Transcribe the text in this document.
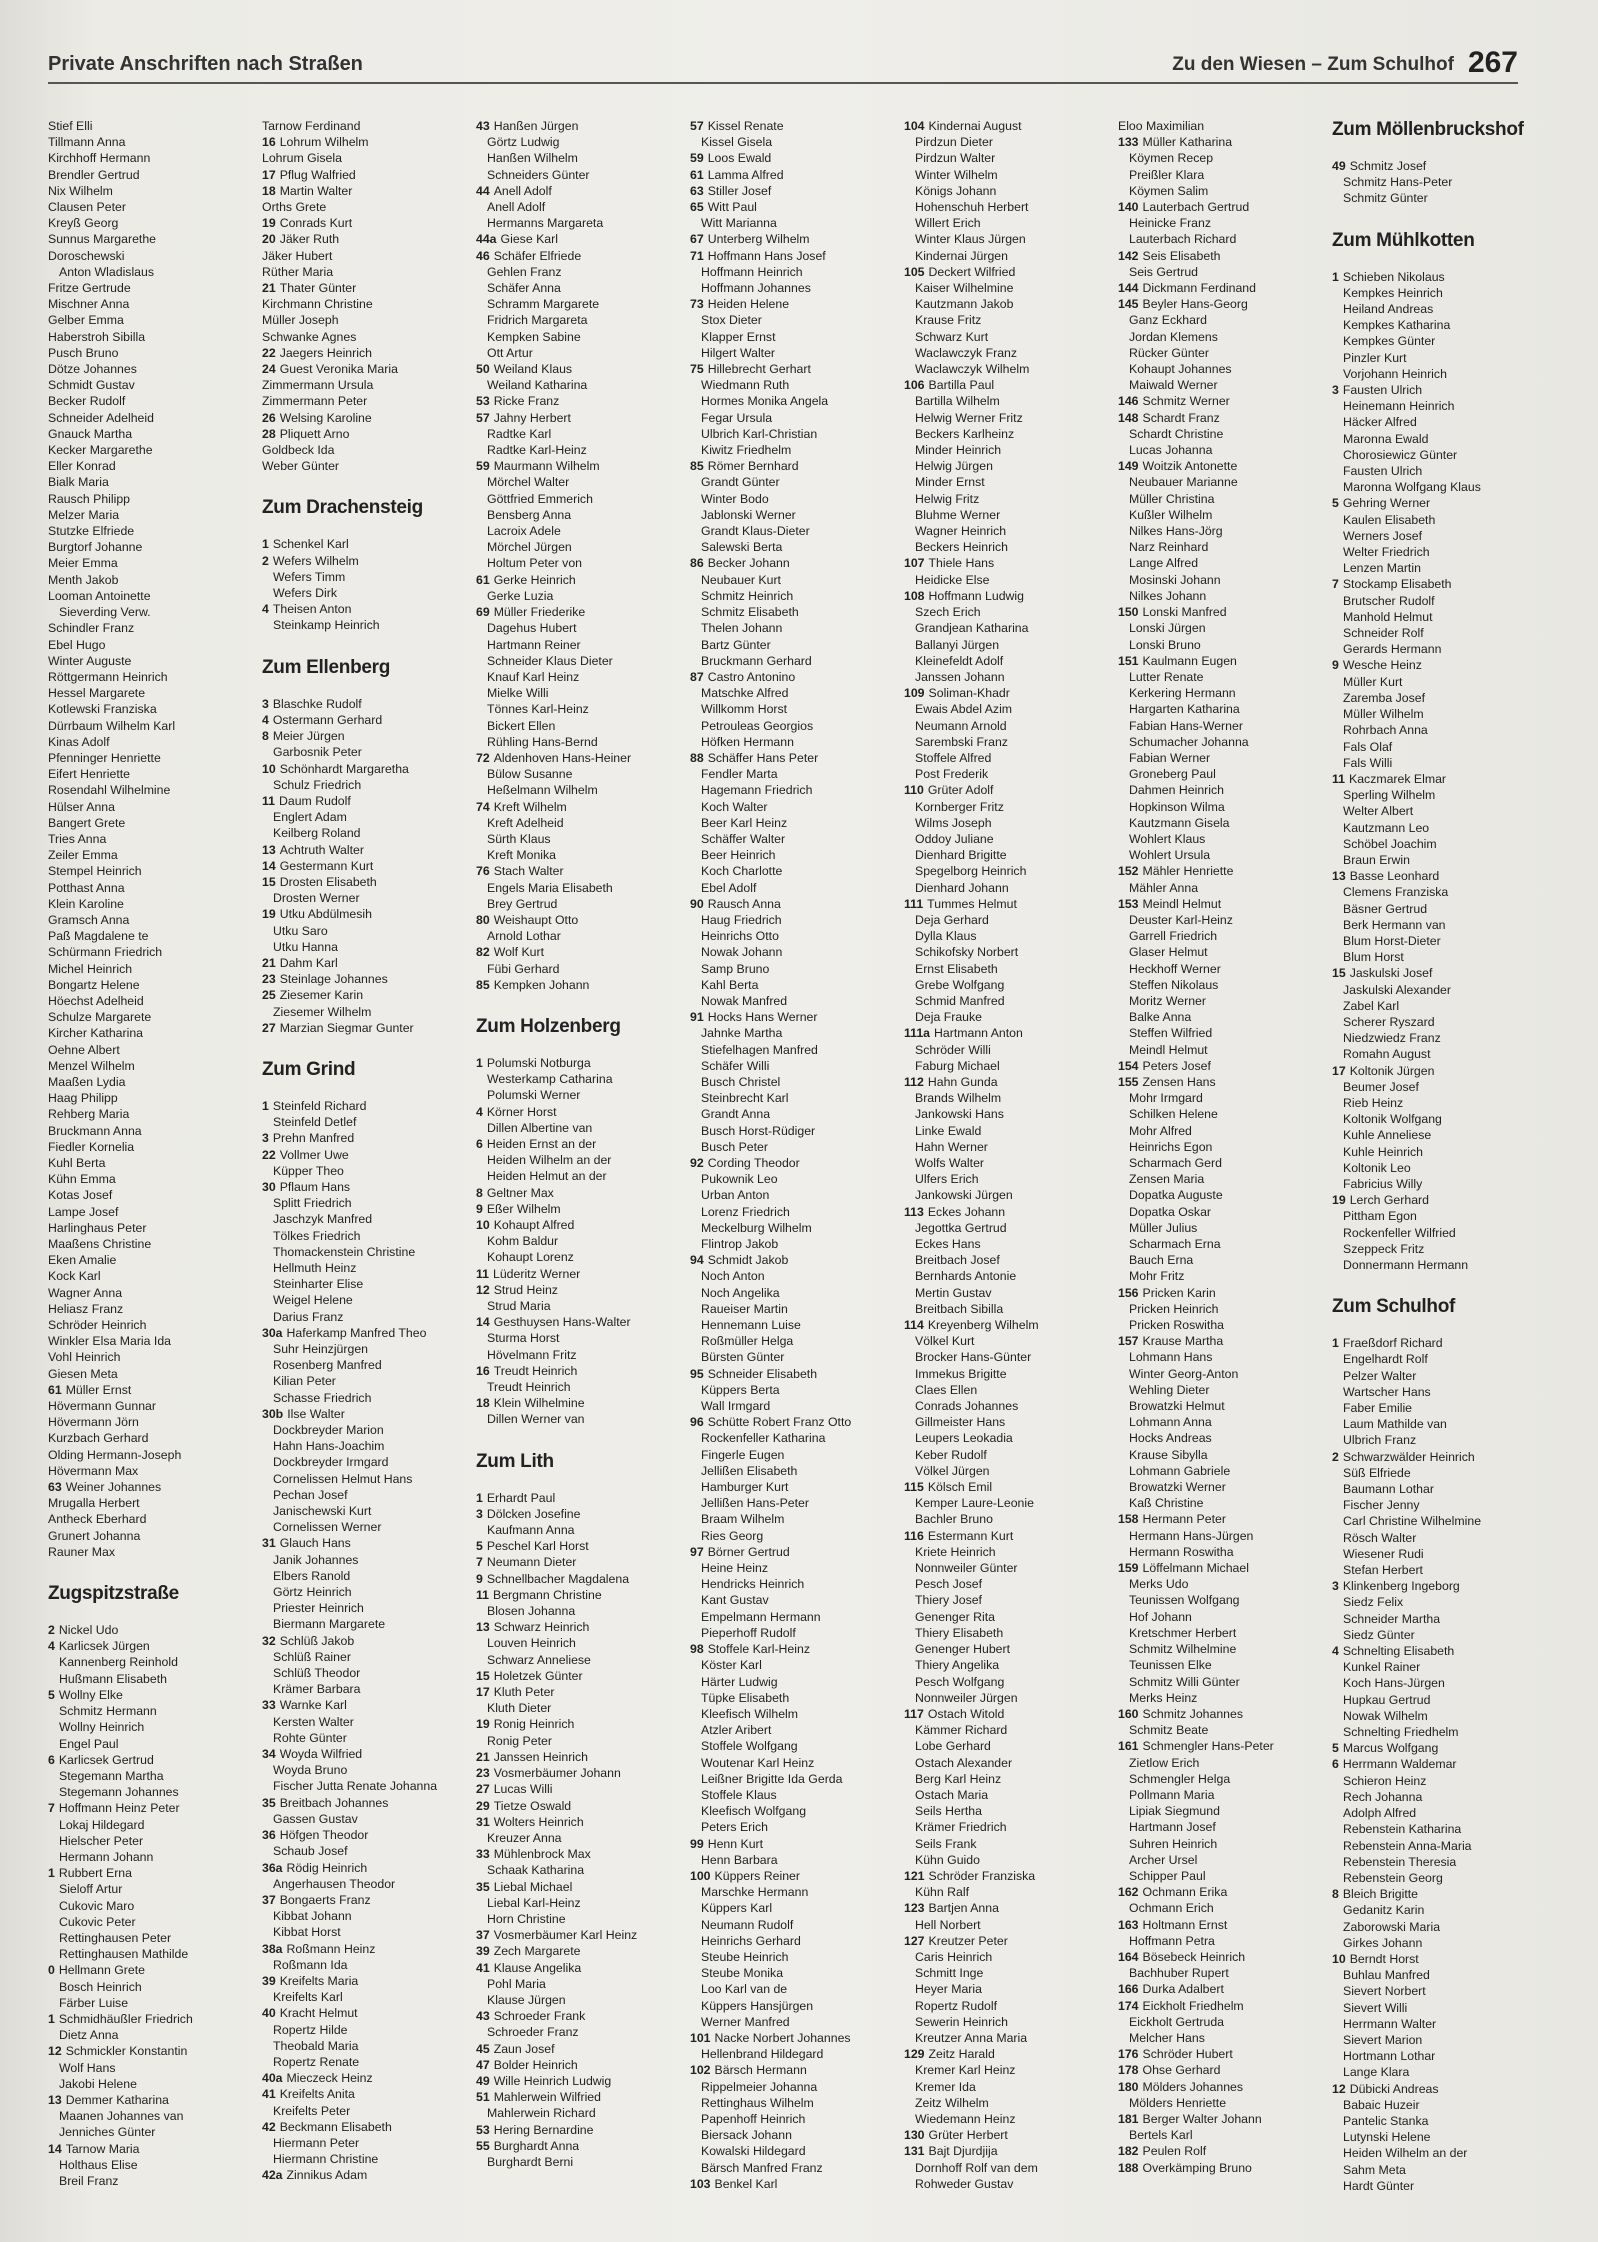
Private Anschriften nach Straßen	Zu den Wiesen – Zum Schulhof 267
Stief Elli
Tillmann Anna
Kirchhoff Hermann
Brendler Gertrud
Nix Wilhelm
Clausen Peter
Kreyß Georg
Sunnus Margarethe
Doroschewski
Anton Wladislaus
Fritze Gertrude
Mischner Anna
Gelber Emma
Haberstroh Sibilla
Pusch Bruno
Dötze Johannes
Schmidt Gustav
Becker Rudolf
Schneider Adelheid
Gnauck Martha
Kecker Margarethe
Eller Konrad
Bialk Maria
Rausch Philipp
Melzer Maria
Stutzke Elfriede
Burgtorf Johanne
Meier Emma
Menth Jakob
Looman Antoinette
Sieverding Verw.
Schindler Franz
Ebel Hugo
Winter Auguste
Röttgermann Heinrich
Hessel Margarete
Kotlewski Franziska
Dürrbaum Wilhelm Karl
Kinas Adolf
Pfenninger Henriette
Eifert Henriette
Rosendahl Wilhelmine
Hülser Anna
Bangert Grete
Tries Anna
Zeiler Emma
Stempel Heinrich
Potthast Anna
Klein Karoline
Gramsch Anna
Paß Magdalene te
Schürmann Friedrich
Michel Heinrich
Bongartz Helene
Höechst Adelheid
Schulze Margarete
Kircher Katharina
Oehne Albert
Menzel Wilhelm
Maaßen Lydia
Haag Philipp
Rehberg Maria
Bruckmann Anna
Fiedler Kornelia
Kuhl Berta
Kühn Emma
Kotas Josef
Lampe Josef
Harlinghaus Peter
Maaßens Christine
Eken Amalie
Kock Karl
Wagner Anna
Heliasz Franz
Schröder Heinrich
Winkler Elsa Maria Ida
Vohl Heinrich
Giesen Meta
61 Müller Ernst
Hövermann Gunnar
Hövermann Jörn
Kurzbach Gerhard
Olding Hermann-Joseph
Hövermann Max
63 Weiner Johannes
Mrugalla Herbert
Antheck Eberhard
Grunert Johanna
Rauner Max
Zugspitzstraße
2 Nickel Udo
4 Karlicsek Jürgen
Kannenberg Reinhold
Hußmann Elisabeth
5 Wollny Elke
Schmitz Hermann
Wollny Heinrich
Engel Paul
6 Karlicsek Gertrud
Stegemann Martha
Stegemann Johannes
7 Hoffmann Heinz Peter
Lokaj Hildegard
Hielscher Peter
Hermann Johann
1 Rubbert Erna
Sieloff Artur
Cukovic Maro
Cukovic Peter
Rettinghausen Peter
Rettinghausen Mathilde
0 Hellmann Grete
Bosch Heinrich
Färber Luise
1 Schmidhäußler Friedrich
Dietz Anna
12 Schmickler Konstantin
Wolf Hans
Jakobi Helene
13 Demmer Katharina
Maanen Johannes van
Jenniches Günter
14 Tarnow Maria
Holthaus Elise
Breil Franz
Tarnow Ferdinand
16 Lohrum Wilhelm
Lohrum Gisela
17 Pflug Walfried
18 Martin Walter
Orths Grete
19 Conrads Kurt
20 Jäker Ruth
Jäker Hubert
Rüther Maria
21 Thater Günter
Kirchmann Christine
Müller Joseph
Schwanke Agnes
22 Jaegers Heinrich
24 Guest Veronika Maria
Zimmermann Ursula
Zimmermann Peter
26 Welsing Karoline
28 Pliquett Arno
Goldbeck Ida
Weber Günter
Zum Drachensteig
1 Schenkel Karl
2 Wefers Wilhelm
Wefers Timm
Wefers Dirk
4 Theisen Anton
Steinkamp Heinrich
Zum Ellenberg
3 Blaschke Rudolf
4 Ostermann Gerhard
8 Meier Jürgen
Garbosnik Peter
10 Schönhardt Margaretha
Schulz Friedrich
11 Daum Rudolf
Englert Adam
Keilberg Roland
13 Achtruth Walter
14 Gestermann Kurt
15 Drosten Elisabeth
Drosten Werner
19 Utku Abdülmesih
Utku Saro
Utku Hanna
21 Dahm Karl
23 Steinlage Johannes
25 Ziesemer Karin
Ziesemer Wilhelm
27 Marzian Siegmar Gunter
Zum Grind
1 Steinfeld Richard
Steinfeld Detlef
3 Prehn Manfred
22 Vollmer Uwe
Küpper Theo
30 Pflaum Hans
Splitt Friedrich
Jaschzyk Manfred
Tölkes Friedrich
Thomackenstein Christine
Hellmuth Heinz
Steinharter Elise
Weigel Helene
Darius Franz
30a Haferkamp Manfred Theo
Suhr Heinzjürgen
Rosenberg Manfred
Kilian Peter
Schasse Friedrich
30b Ilse Walter
Dockbreyder Marion
Hahn Hans-Joachim
Dockbreyder Irmgard
Cornelissen Helmut Hans
Pechan Josef
Janischewski Kurt
Cornelissen Werner
31 Glauch Hans
Janik Johannes
Elbers Ranold
Görtz Heinrich
Priester Heinrich
Biermann Margarete
32 Schlüß Jakob
Schlüß Rainer
Schlüß Theodor
Krämer Barbara
33 Warnke Karl
Kersten Walter
Rohte Günter
34 Woyda Wilfried
Woyda Bruno
Fischer Jutta Renate Johanna
35 Breitbach Johannes
Gassen Gustav
36 Höfgen Theodor
Schaub Josef
36a Rödig Heinrich
Angerhausen Theodor
37 Bongaerts Franz
Kibbat Johann
Kibbat Horst
38a Roßmann Heinz
Roßmann Ida
39 Kreifelts Maria
Kreifelts Karl
40 Kracht Helmut
Ropertz Hilde
Theobald Maria
Ropertz Renate
40a Mieczeck Heinz
41 Kreifelts Anita
Kreifelts Peter
42 Beckmann Elisabeth
Hiermann Peter
Hiermann Christine
42a Zinnikus Adam
43 Hanßen Jürgen
Görtz Ludwig
Hanßen Wilhelm
Schneiders Günter
44 Anell Adolf
Anell Adolf
Hermanns Margareta
44a Giese Karl
46 Schäfer Elfriede
Gehlen Franz
Schäfer Anna
Schramm Margarete
Fridrich Margareta
Kempken Sabine
Ott Artur
50 Weiland Klaus
Weiland Katharina
53 Ricke Franz
57 Jahny Herbert
Radtke Karl
Radtke Karl-Heinz
59 Maurmann Wilhelm
Mörchel Walter
Göttfried Emmerich
Bensberg Anna
Lacroix Adele
Mörchel Jürgen
Holtum Peter von
61 Gerke Heinrich
Gerke Luzia
69 Müller Friederike
Dagehus Hubert
Hartmann Reiner
Schneider Klaus Dieter
Knauf Karl Heinz
Mielke Willi
Tönnes Karl-Heinz
Bickert Ellen
Rühling Hans-Bernd
72 Aldenhoven Hans-Heiner
Bülow Susanne
Heßelmann Wilhelm
74 Kreft Wilhelm
Kreft Adelheid
Sürth Klaus
Kreft Monika
76 Stach Walter
Engels Maria Elisabeth
Brey Gertrud
80 Weishaupt Otto
Arnold Lothar
82 Wolf Kurt
Fübi Gerhard
85 Kempken Johann
Zum Holzenberg
1 Polumski Notburga
Westerkamp Catharina
Polumski Werner
4 Körner Horst
Dillen Albertine van
6 Heiden Ernst an der
Heiden Wilhelm an der
Heiden Helmut an der
8 Geltner Max
9 Eßer Wilhelm
10 Kohaupt Alfred
Kohm Baldur
Kohaupt Lorenz
11 Lüderitz Werner
12 Strud Heinz
Strud Maria
14 Gesthuysen Hans-Walter
Sturma Horst
Hövelmann Fritz
16 Treudt Heinrich
Treudt Heinrich
18 Klein Wilhelmine
Dillen Werner van
Zum Lith
1 Erhardt Paul
3 Dölcken Josefine
Kaufmann Anna
5 Peschel Karl Horst
7 Neumann Dieter
9 Schnellbacher Magdalena
11 Bergmann Christine
Blosen Johanna
13 Schwarz Heinrich
Louven Heinrich
Schwarz Anneliese
15 Holetzek Günter
17 Kluth Peter
Kluth Dieter
19 Ronig Heinrich
Ronig Peter
21 Janssen Heinrich
23 Vosmerbäumer Johann
27 Lucas Willi
29 Tietze Oswald
31 Wolters Heinrich
Kreuzer Anna
33 Mühlenbrock Max
Schaak Katharina
35 Liebal Michael
Liebal Karl-Heinz
Horn Christine
37 Vosmerbäumer Karl Heinz
39 Zech Margarete
41 Klause Angelika
Pohl Maria
Klause Jürgen
43 Schroeder Frank
Schroeder Franz
45 Zaun Josef
47 Bolder Heinrich
49 Wille Heinrich Ludwig
51 Mahlerwein Wilfried
Mahlerwein Richard
53 Hering Bernardine
55 Burghardt Anna
Burghardt Berni
57 Kissel Renate
Kissel Gisela
59 Loos Ewald
61 Lamma Alfred
63 Stiller Josef
65 Witt Paul
Witt Marianna
67 Unterberg Wilhelm
71 Hoffmann Hans Josef
Hoffmann Heinrich
Hoffmann Johannes
73 Heiden Helene
Stox Dieter
Klapper Ernst
Hilgert Walter
75 Hillebrecht Gerhart
Wiedmann Ruth
Hormes Monika Angela
Fegar Ursula
Ulbrich Karl-Christian
Kiwitz Friedhelm
85 Römer Bernhard
Grandt Günter
Winter Bodo
Jablonski Werner
Grandt Klaus-Dieter
Salewski Berta
86 Becker Johann
Neubauer Kurt
Schmitz Heinrich
Schmitz Elisabeth
Thelen Johann
Bartz Günter
Bruckmann Gerhard
87 Castro Antonino
Matschke Alfred
Willkomm Horst
Petrouleas Georgios
Höfken Hermann
88 Schäffer Hans Peter
Fendler Marta
Hagemann Friedrich
Koch Walter
Beer Karl Heinz
Schäffer Walter
Beer Heinrich
Koch Charlotte
Ebel Adolf
90 Rausch Anna
Haug Friedrich
Heinrichs Otto
Nowak Johann
Samp Bruno
Kahl Berta
Nowak Manfred
91 Hocks Hans Werner
Jahnke Martha
Stiefelhagen Manfred
Schäfer Willi
Busch Christel
Steinbrecht Karl
Grandt Anna
Busch Horst-Rüdiger
Busch Peter
92 Cording Theodor
Pukownik Leo
Urban Anton
Lorenz Friedrich
Meckelburg Wilhelm
Flintrop Jakob
94 Schmidt Jakob
Noch Anton
Noch Angelika
Raueiser Martin
Hennemann Luise
Roßmüller Helga
Bürsten Günter
95 Schneider Elisabeth
Küppers Berta
Wall Irmgard
96 Schütte Robert Franz Otto
Rockenfeller Katharina
Fingerle Eugen
Jellißen Elisabeth
Hamburger Kurt
Jellißen Hans-Peter
Braam Wilhelm
Ries Georg
97 Börner Gertrud
Heine Heinz
Hendricks Heinrich
Kant Gustav
Empelmann Hermann
Pieperhoff Rudolf
98 Stoffele Karl-Heinz
Köster Karl
Härter Ludwig
Tüpke Elisabeth
Kleefisch Wilhelm
Atzler Aribert
Stoffele Wolfgang
Woutenar Karl Heinz
Leißner Brigitte Ida Gerda
Stoffele Klaus
Kleefisch Wolfgang
Peters Erich
99 Henn Kurt
Henn Barbara
100 Küppers Reiner
Marschke Hermann
Küppers Karl
Neumann Rudolf
Heinrichs Gerhard
Steube Heinrich
Steube Monika
Loo Karl van de
Küppers Hansjürgen
Werner Manfred
101 Nacke Norbert Johannes
Hellenbrand Hildegard
102 Bärsch Hermann
Rippelmeier Johanna
Rettinghaus Wilhelm
Papenhoff Heinrich
Biersack Johann
Kowalski Hildegard
Bärsch Manfred Franz
103 Benkel Karl
104 Kindernai August
Pirdzun Dieter
Pirdzun Walter
Winter Wilhelm
Königs Johann
Hohenschuh Herbert
Willert Erich
Winter Klaus Jürgen
Kindernai Jürgen
105 Deckert Wilfried
Kaiser Wilhelmine
Kautzmann Jakob
Krause Fritz
Schwarz Kurt
Waclawczyk Franz
Waclawczyk Wilhelm
106 Bartilla Paul
Bartilla Wilhelm
Helwig Werner Fritz
Beckers Karlheinz
Minder Heinrich
Helwig Jürgen
Minder Ernst
Helwig Fritz
Bluhme Werner
Wagner Heinrich
Beckers Heinrich
107 Thiele Hans
Heidicke Else
108 Hoffmann Ludwig
Szech Erich
Grandjean Katharina
Ballanyi Jürgen
Kleinefeldt Adolf
Janssen Johann
109 Soliman-Khadr
Ewais Abdel Azim
Neumann Arnold
Sarembski Franz
Stoffele Alfred
Post Frederik
110 Grüter Adolf
Kornberger Fritz
Wilms Joseph
Oddoy Juliane
Dienhard Brigitte
Spegelborg Heinrich
Dienhard Johann
111 Tummes Helmut
Deja Gerhard
Dylla Klaus
Schikofsky Norbert
Ernst Elisabeth
Grebe Wolfgang
Schmid Manfred
Deja Frauke
111a Hartmann Anton
Schröder Willi
Faburg Michael
112 Hahn Gunda
Brands Wilhelm
Jankowski Hans
Linke Ewald
Hahn Werner
Wolfs Walter
Ulfers Erich
Jankowski Jürgen
113 Eckes Johann
Jegottka Gertrud
Eckes Hans
Breitbach Josef
Bernhards Antonie
Mertin Gustav
Breitbach Sibilla
114 Kreyenberg Wilhelm
Völkel Kurt
Brocker Hans-Günter
Immekus Brigitte
Claes Ellen
Conrads Johannes
Gillmeister Hans
Leupers Leokadia
Keber Rudolf
Völkel Jürgen
115 Kölsch Emil
Kemper Laure-Leonie
Bachler Bruno
116 Estermann Kurt
Kriete Heinrich
Nonnweiler Günter
Pesch Josef
Thiery Josef
Genenger Rita
Thiery Elisabeth
Genenger Hubert
Thiery Angelika
Pesch Wolfgang
Nonnweiler Jürgen
117 Ostach Witold
Kämmer Richard
Lobe Gerhard
Ostach Alexander
Berg Karl Heinz
Ostach Maria
Seils Hertha
Krämer Friedrich
Seils Frank
Kühn Guido
121 Schröder Franziska
Kühn Ralf
123 Bartjen Anna
Hell Norbert
127 Kreutzer Peter
Caris Heinrich
Schmitt Inge
Heyer Maria
Ropertz Rudolf
Sewerin Heinrich
Kreutzer Anna Maria
129 Zeitz Harald
Kremer Karl Heinz
Kremer Ida
Zeitz Wilhelm
Wiedemann Heinz
130 Grüter Herbert
131 Bajt Djurdjija
Dornhoff Rolf van dem
Rohweder Gustav
Eloo Maximilian
133 Müller Katharina
Köymen Recep
Preißler Klara
Köymen Salim
140 Lauterbach Gertrud
Heinicke Franz
Lauterbach Richard
142 Seis Elisabeth
Seis Gertrud
144 Dickmann Ferdinand
145 Beyler Hans-Georg
Ganz Eckhard
Jordan Klemens
Rücker Günter
Kohaupt Johannes
Maiwald Werner
146 Schmitz Werner
148 Schardt Franz
Schardt Christine
Lucas Johanna
149 Woitzik Antonette
Neubauer Marianne
Müller Christina
Kußler Wilhelm
Nilkes Hans-Jörg
Narz Reinhard
Lange Alfred
Mosinski Johann
Nilkes Johann
150 Lonski Manfred
Lonski Jürgen
Lonski Bruno
151 Kaulmann Eugen
Lutter Renate
Kerkering Hermann
Hargarten Katharina
Fabian Hans-Werner
Schumacher Johanna
Fabian Werner
Groneberg Paul
Dahmen Heinrich
Hopkinson Wilma
Kautzmann Gisela
Wohlert Klaus
Wohlert Ursula
152 Mähler Henriette
Mähler Anna
153 Meindl Helmut
Deuster Karl-Heinz
Garrell Friedrich
Glaser Helmut
Heckhoff Werner
Steffen Nikolaus
Moritz Werner
Balke Anna
Steffen Wilfried
Meindl Helmut
154 Peters Josef
155 Zensen Hans
Mohr Irmgard
Schilken Helene
Mohr Alfred
Heinrichs Egon
Scharmach Gerd
Zensen Maria
Dopatka Auguste
Dopatka Oskar
Müller Julius
Scharmach Erna
Bauch Erna
Mohr Fritz
156 Pricken Karin
Pricken Heinrich
Pricken Roswitha
157 Krause Martha
Lohmann Hans
Winter Georg-Anton
Wehling Dieter
Browatzki Helmut
Lohmann Anna
Hocks Andreas
Krause Sibylla
Lohmann Gabriele
Browatzki Werner
Kaß Christine
158 Hermann Peter
Hermann Hans-Jürgen
Hermann Roswitha
159 Löffelmann Michael
Merks Udo
Teunissen Wolfgang
Hof Johann
Kretschmer Herbert
Schmitz Wilhelmine
Teunissen Elke
Schmitz Willi Günter
Merks Heinz
160 Schmitz Johannes
Schmitz Beate
161 Schmengler Hans-Peter
Zietlow Erich
Schmengler Helga
Pollmann Maria
Lipiak Siegmund
Hartmann Josef
Suhren Heinrich
Archer Ursel
Schipper Paul
162 Ochmann Erika
Ochmann Erich
163 Holtmann Ernst
Hoffmann Petra
164 Bösebeck Heinrich
Bachhuber Rupert
166 Durka Adalbert
174 Eickholt Friedhelm
Eickholt Gertruda
Melcher Hans
176 Schröder Hubert
178 Ohse Gerhard
180 Mölders Johannes
Mölders Henriette
181 Berger Walter Johann
Bertels Karl
182 Peulen Rolf
188 Overkämping Bruno
Zum Möllenbruckshof
49 Schmitz Josef
Schmitz Hans-Peter
Schmitz Günter
Zum Mühlkotten
1 Schieben Nikolaus
Kempkes Heinrich
Heiland Andreas
Kempkes Katharina
Kempkes Günter
Pinzler Kurt
Vorjohann Heinrich
3 Fausten Ulrich
Heinemann Heinrich
Häcker Alfred
Maronna Ewald
Chorosiewicz Günter
Fausten Ulrich
Maronna Wolfgang Klaus
5 Gehring Werner
Kaulen Elisabeth
Werners Josef
Welter Friedrich
Lenzen Martin
7 Stockamp Elisabeth
Brutscher Rudolf
Manhold Helmut
Schneider Rolf
Gerards Hermann
9 Wesche Heinz
Müller Kurt
Zaremba Josef
Müller Wilhelm
Rohrbach Anna
Fals Olaf
Fals Willi
11 Kaczmarek Elmar
Sperling Wilhelm
Welter Albert
Kautzmann Leo
Schöbel Joachim
Braun Erwin
13 Basse Leonhard
Clemens Franziska
Bäsner Gertrud
Berk Hermann van
Blum Horst-Dieter
Blum Horst
15 Jaskulski Josef
Jaskulski Alexander
Zabel Karl
Scherer Ryszard
Niedzwiedz Franz
Romahn August
17 Koltonik Jürgen
Beumer Josef
Rieb Heinz
Koltonik Wolfgang
Kuhle Anneliese
Kuhle Heinrich
Koltonik Leo
Fabricius Willy
19 Lerch Gerhard
Pittham Egon
Rockenfeller Wilfried
Szeppeck Fritz
Donnermann Hermann
Zum Schulhof
1 Fraeßdorf Richard
Engelhardt Rolf
Pelzer Walter
Wartscher Hans
Faber Emilie
Laum Mathilde van
Ulbrich Franz
2 Schwarzwälder Heinrich
Süß Elfriede
Baumann Lothar
Fischer Jenny
Carl Christine Wilhelmine
Rösch Walter
Wiesener Rudi
Stefan Herbert
3 Klinkenberg Ingeborg
Siedz Felix
Schneider Martha
Siedz Günter
4 Schnelting Elisabeth
Kunkel Rainer
Koch Hans-Jürgen
Hupkau Gertrud
Nowak Wilhelm
Schnelting Friedhelm
5 Marcus Wolfgang
6 Herrmann Waldemar
Schieron Heinz
Rech Johanna
Adolph Alfred
Rebenstein Katharina
Rebenstein Anna-Maria
Rebenstein Theresia
Rebenstein Georg
8 Bleich Brigitte
Gedanitz Karin
Zaborowski Maria
Girkes Johann
10 Berndt Horst
Buhlau Manfred
Sievert Norbert
Sievert Willi
Herrmann Walter
Sievert Marion
Hortmann Lothar
Lange Klara
12 Dübicki Andreas
Babaic Huzeir
Pantelic Stanka
Lutynski Helene
Heiden Wilhelm an der
Sahm Meta
Hardt Günter
